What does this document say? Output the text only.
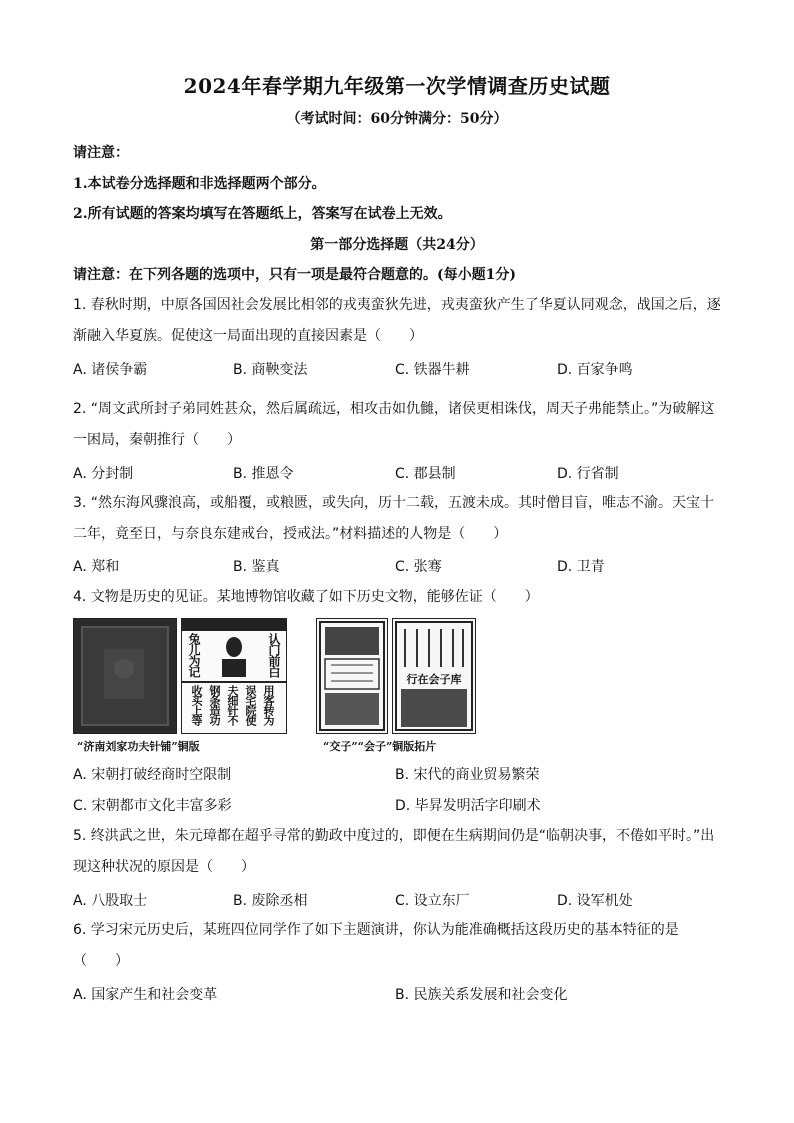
2024年春学期九年级第一次学情调查历史试题
（考试时间：60分钟满分：50分）
请注意：
1.本试卷分选择题和非选择题两个部分。
2.所有试题的答案均填写在答题纸上，答案写在试卷上无效。
第一部分选择题（共24分）
请注意：在下列各题的选项中，只有一项是最符合题意的。(每小题1分)
1. 春秋时期，中原各国因社会发展比相邻的戎夷蛮狄先进，戎夷蛮狄产生了华夏认同观念，战国之后，逐渐融入华夏族。促使这一局面出现的直接因素是（　　）
A. 诸侯争霸	B. 商鞅变法	C. 铁器牛耕	D. 百家争鸣
2. “周文武所封子弟同姓甚众，然后属疏远，相攻击如仇雠，诸侯更相诛伐，周天子弗能禁止。”为破解这一困局，秦朝推行（　　）
A. 分封制	B. 推恩令	C. 郡县制	D. 行省制
3. “然东海风骤浪高，或船覆，或粮匮，或失向，历十二载，五渡未成。其时僧目盲，唯志不渝。天宝十二年，竟至日，与奈良东建戒台，授戒法。”材料描述的人物是（　　）
A. 郑和	B. 鉴真	C. 张骞	D. 卫青
4. 文物是历史的见证。某地博物馆收藏了如下历史文物，能够佐证（　　）
兔儿为记	认门前白
收买上等 钢条造功 夫细针不 误宅院使 用客转为
行在会子库
“济南刘家功夫针铺”铜版	“交子”“会子”铜版拓片
A. 宋朝打破经商时空限制	B. 宋代的商业贸易繁荣
C. 宋朝都市文化丰富多彩	D. 毕昇发明活字印刷术
5. 终洪武之世，朱元璋都在超乎寻常的勤政中度过的，即便在生病期间仍是“临朝决事，不倦如平时。”出现这种状况的原因是（　　）
A. 八股取士	B. 废除丞相	C. 设立东厂	D. 设军机处
6. 学习宋元历史后，某班四位同学作了如下主题演讲，你认为能准确概括这段历史的基本特征的是（　　）
A. 国家产生和社会变革	B. 民族关系发展和社会变化
